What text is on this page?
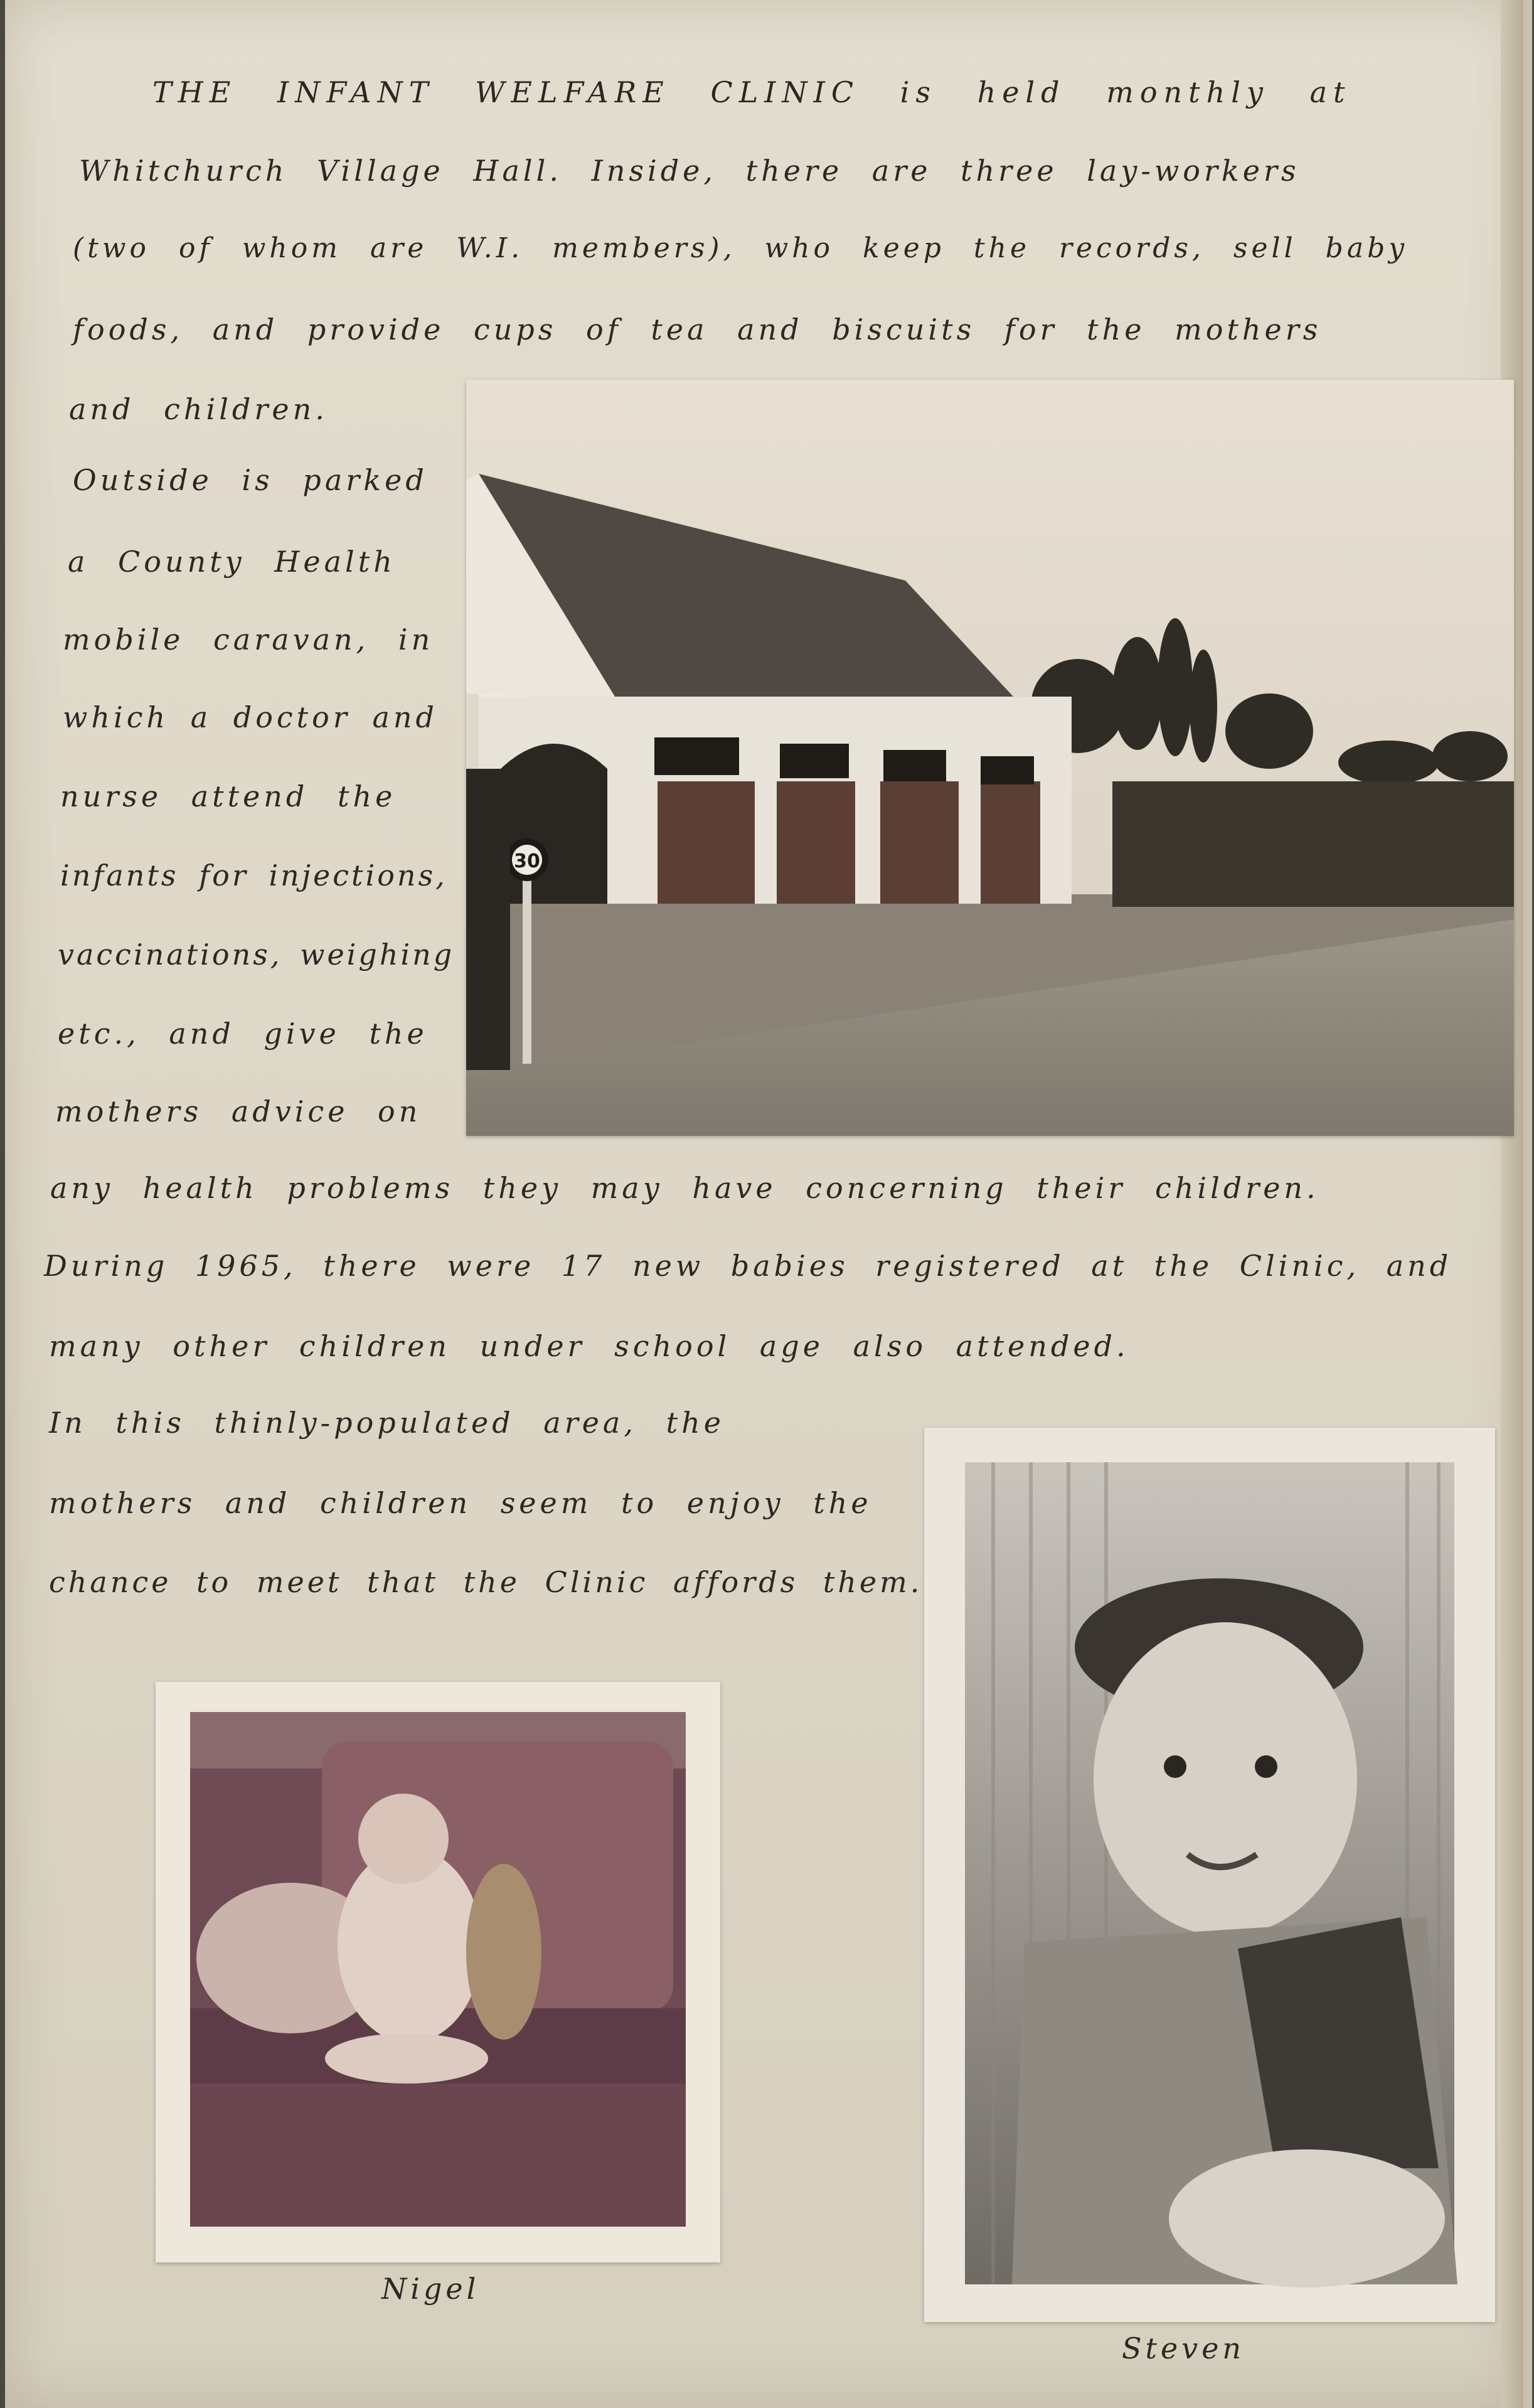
THE INFANT WELFARE CLINIC is held monthly at

Whitchurch Village Hall. Inside, there are three lay-workers

(two of whom are W.I. members), who keep the records, sell baby

foods, and provide cups of tea and biscuits for the mothers

and children.

Outside is parked

a County Health

mobile caravan, in

which a doctor and

nurse attend the

infants for injections,

vaccinations, weighing

etc., and give the

mothers advice on

any health problems they may have concerning their children.

During 1965, there were 17 new babies registered at the Clinic, and

many other children under school age also attended.

In this thinly-populated area, the

mothers and children seem to enjoy the

chance to meet that the Clinic affords them.

30

Nigel

Steven
